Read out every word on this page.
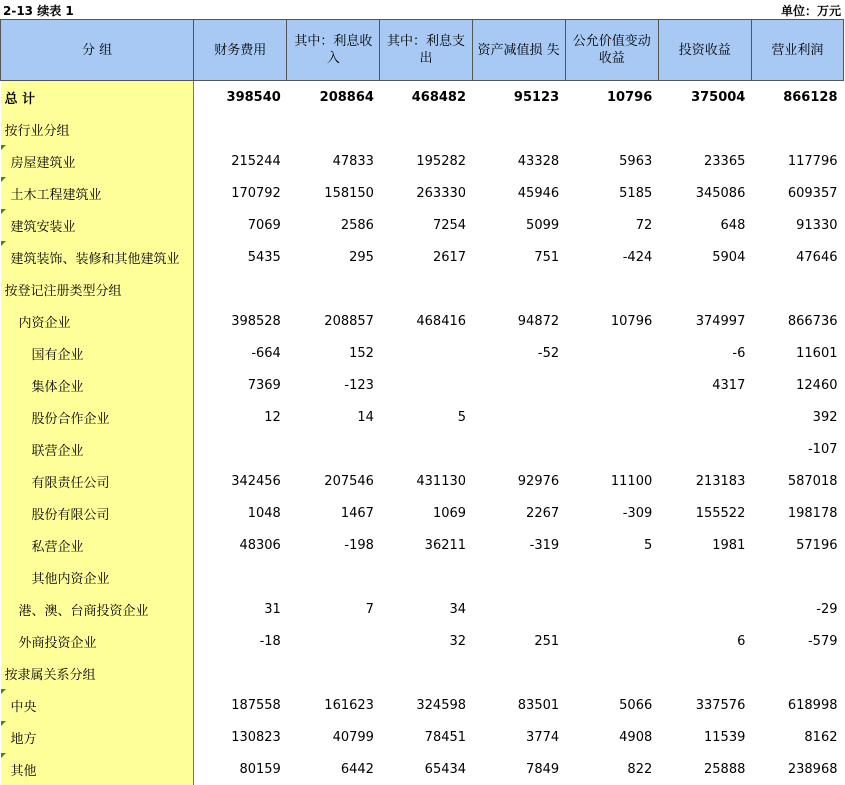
2-13 续表 1	单位：万元
分 组	财务费用	其中：利息收入	其中：利息支出	资产减值损 失	公允价值变动收益	投资收益	营业利润
总 计	398540	208864	468482	95123	10796	375004	866128
按行业分组							

房屋建筑业	215244	47833	195282	43328	5963	23365	117796

土木工程建筑业	170792	158150	263330	45946	5185	345086	609357

建筑安装业	7069	2586	7254	5099	72	648	91330

建筑装饰、装修和其他建筑业	5435	295	2617	751	-424	5904	47646
按登记注册类型分组							
内资企业	398528	208857	468416	94872	10796	374997	866736
国有企业	-664	152		-52		-6	11601
集体企业	7369	-123				4317	12460
股份合作企业	12	14	5				392
联营企业							-107
有限责任公司	342456	207546	431130	92976	11100	213183	587018
股份有限公司	1048	1467	1069	2267	-309	155522	198178
私营企业	48306	-198	36211	-319	5	1981	57196
其他内资企业							
港、澳、台商投资企业	31	7	34				-29
外商投资企业	-18		32	251		6	-579
按隶属关系分组							

中央	187558	161623	324598	83501	5066	337576	618998

地方	130823	40799	78451	3774	4908	11539	8162

其他	80159	6442	65434	7849	822	25888	238968
